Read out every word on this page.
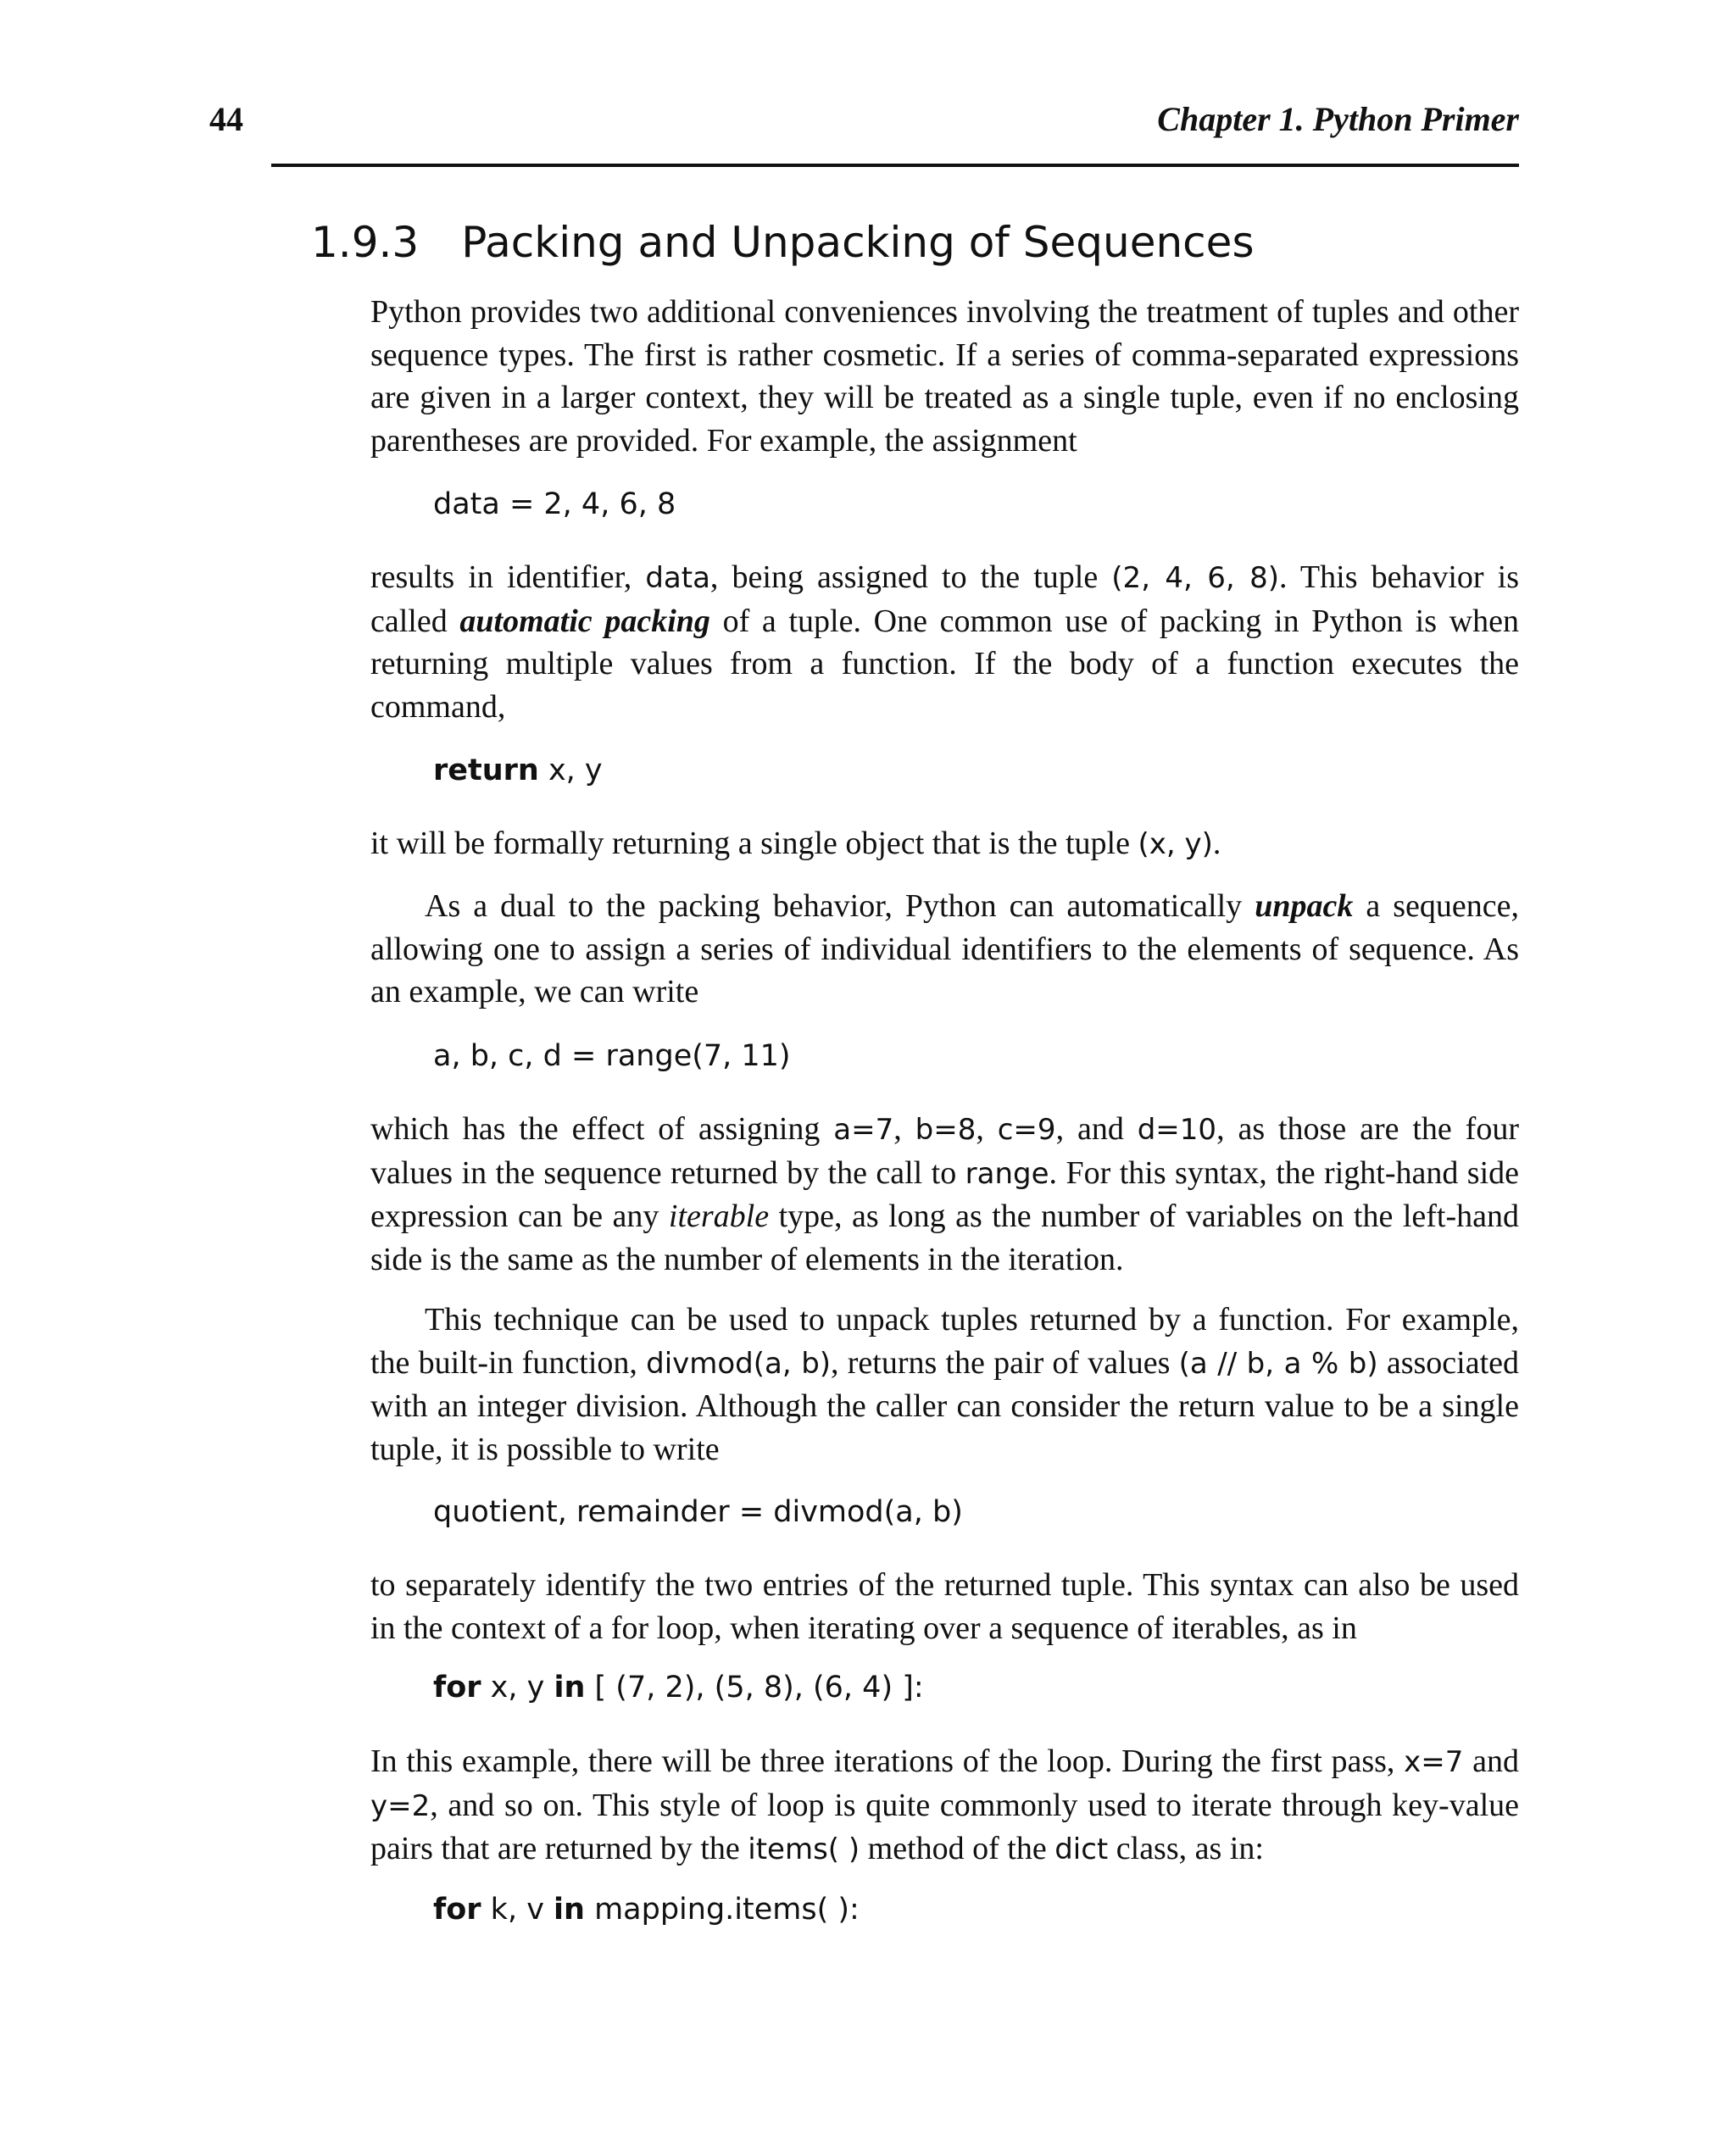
44	Chapter 1. Python Primer
1.9.3 Packing and Unpacking of Sequences

Python provides two additional conveniences involving the treatment of tuples and other sequence types. The first is rather cosmetic. If a series of comma-separated expressions are given in a larger context, they will be treated as a single tuple, even if no enclosing parentheses are provided. For example, the assignment

data = 2, 4, 6, 8

results in identifier, data, being assigned to the tuple (2, 4, 6, 8). This behavior is called automatic packing of a tuple. One common use of packing in Python is when returning multiple values from a function. If the body of a function executes the command,

return x, y

it will be formally returning a single object that is the tuple (x, y).

As a dual to the packing behavior, Python can automatically unpack a sequence, allowing one to assign a series of individual identifiers to the elements of sequence. As an example, we can write

a, b, c, d = range(7, 11)

which has the effect of assigning a=7, b=8, c=9, and d=10, as those are the four values in the sequence returned by the call to range. For this syntax, the right-hand side expression can be any iterable type, as long as the number of variables on the left-hand side is the same as the number of elements in the iteration.

This technique can be used to unpack tuples returned by a function. For example, the built-in function, divmod(a, b), returns the pair of values (a // b, a % b) associated with an integer division. Although the caller can consider the return value to be a single tuple, it is possible to write

quotient, remainder = divmod(a, b)

to separately identify the two entries of the returned tuple. This syntax can also be used in the context of a for loop, when iterating over a sequence of iterables, as in

for x, y in [ (7, 2), (5, 8), (6, 4) ]:

In this example, there will be three iterations of the loop. During the first pass, x=7 and y=2, and so on. This style of loop is quite commonly used to iterate through key-value pairs that are returned by the items( ) method of the dict class, as in:

for k, v in mapping.items( ):
